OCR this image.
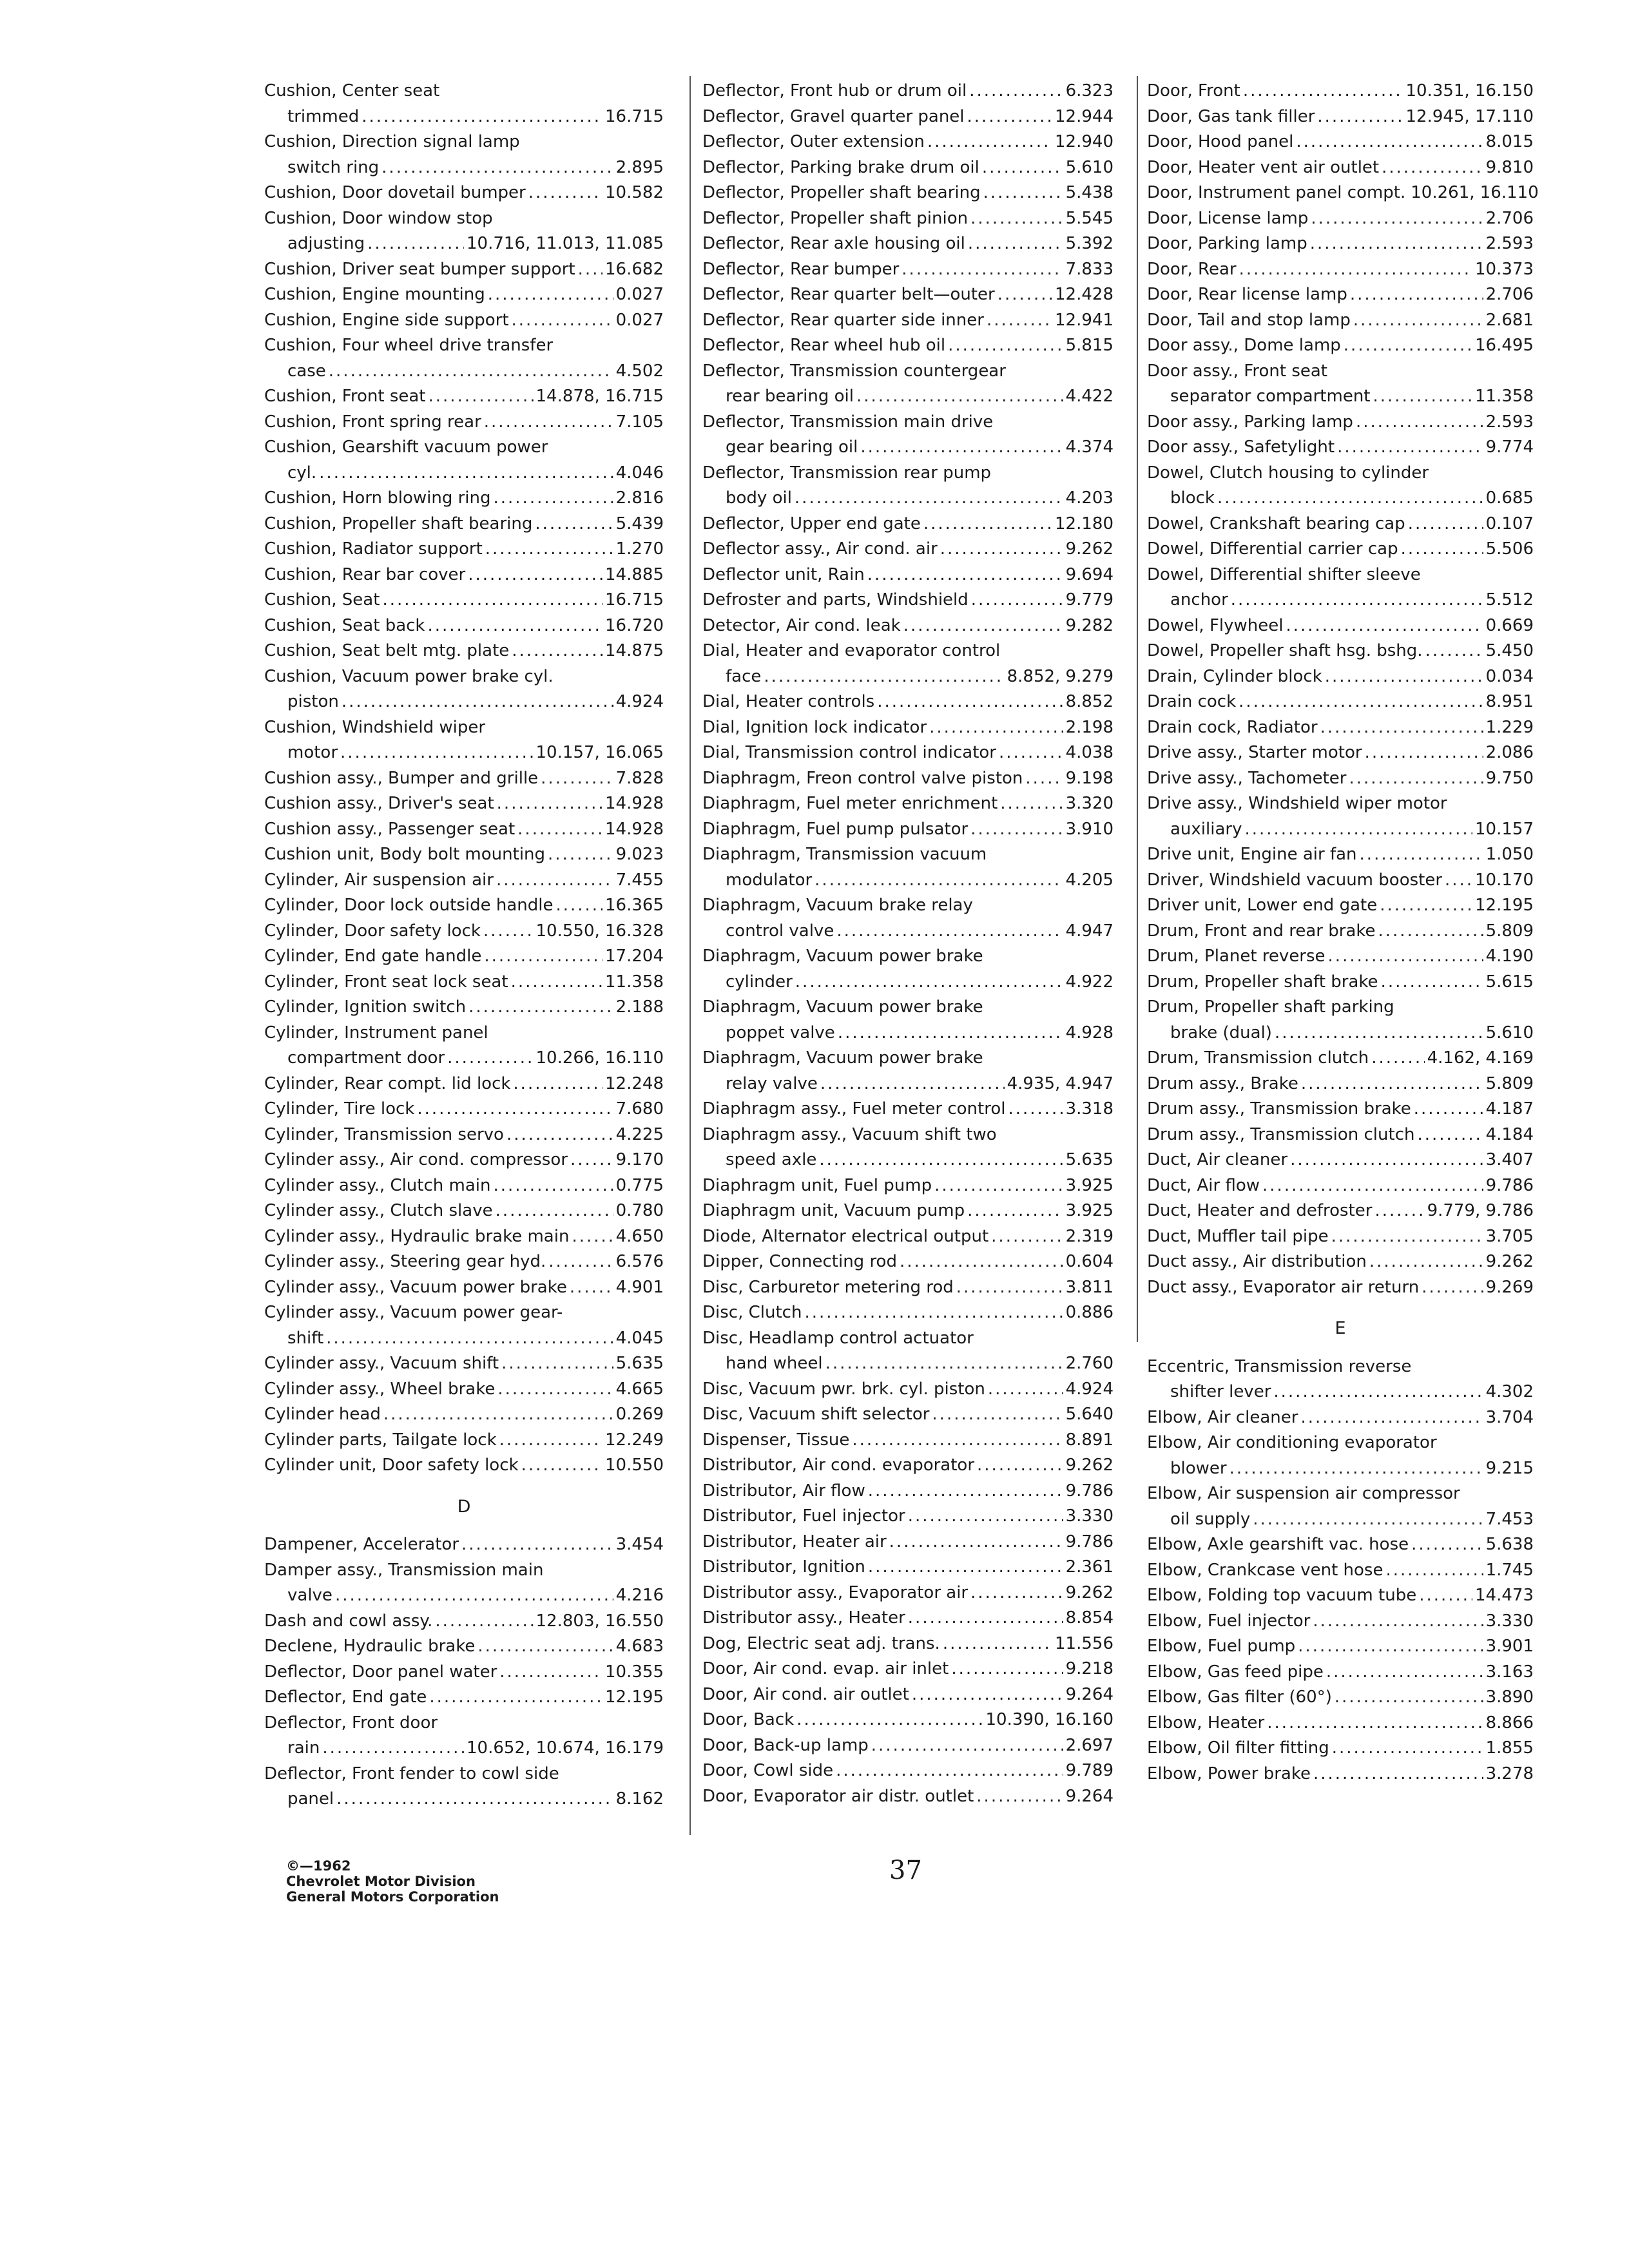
Cushion, Center seat
trimmed .....	16.715
Cushion, Direction signal lamp
switch ring .....	2.895
Cushion, Door dovetail bumper .....	10.582
Cushion, Door window stop
adjusting .....	10.716, 11.013, 11.085
Cushion, Driver seat bumper support ..... 16.682
Cushion, Engine mounting .....	0.027
Cushion, Engine side support .....	0.027
Cushion, Four wheel drive transfer
case .....	4.502
Cushion, Front seat .....	14.878, 16.715
Cushion, Front spring rear .....	7.105
Cushion, Gearshift vacuum power
cyl. .....	4.046
Cushion, Horn blowing ring .....	2.816
Cushion, Propeller shaft bearing .....	5.439
Cushion, Radiator support .....	1.270
Cushion, Rear bar cover .....	14.885
Cushion, Seat .....	16.715
Cushion, Seat back .....	16.720
Cushion, Seat belt mtg. plate .....	14.875
Cushion, Vacuum power brake cyl.
piston .....	4.924
Cushion, Windshield wiper
motor .....	10.157, 16.065
Cushion assy., Bumper and grille .....	7.828
Cushion assy., Driver's seat .....	14.928
Cushion assy., Passenger seat .....	14.928
Cushion unit, Body bolt mounting .....	9.023
Cylinder, Air suspension air .....	7.455
Cylinder, Door lock outside handle .....	16.365
Cylinder, Door safety lock .....	10.550, 16.328
Cylinder, End gate handle .....	17.204
Cylinder, Front seat lock seat .....	11.358
Cylinder, Ignition switch .....	2.188
Cylinder, Instrument panel
compartment door .....	10.266, 16.110
Cylinder, Rear compt. lid lock .....	12.248
Cylinder, Tire lock .....	7.680
Cylinder, Transmission servo .....	4.225
Cylinder assy., Air cond. compressor .....	9.170
Cylinder assy., Clutch main .....	0.775
Cylinder assy., Clutch slave .....	0.780
Cylinder assy., Hydraulic brake main .....	4.650
Cylinder assy., Steering gear hyd. .....	6.576
Cylinder assy., Vacuum power brake .....	4.901
Cylinder assy., Vacuum power gear-
shift .....	4.045
Cylinder assy., Vacuum shift .....	5.635
Cylinder assy., Wheel brake .....	4.665
Cylinder head .....	0.269
Cylinder parts, Tailgate lock .....	12.249
Cylinder unit, Door safety lock .....	10.550
D
Dampener, Accelerator .....	3.454
Damper assy., Transmission main
valve .....	4.216
Dash and cowl assy. .....	12.803, 16.550
Declene, Hydraulic brake .....	4.683
Deflector, Door panel water .....	10.355
Deflector, End gate .....	12.195
Deflector, Front door
rain .....	10.652, 10.674, 16.179
Deflector, Front fender to cowl side
panel .....	8.162
Deflector, Front hub or drum oil .....	6.323
Deflector, Gravel quarter panel .....	12.944
Deflector, Outer extension .....	12.940
Deflector, Parking brake drum oil .....	5.610
Deflector, Propeller shaft bearing .....	5.438
Deflector, Propeller shaft pinion .....	5.545
Deflector, Rear axle housing oil .....	5.392
Deflector, Rear bumper .....	7.833
Deflector, Rear quarter belt—outer .....	12.428
Deflector, Rear quarter side inner .....	12.941
Deflector, Rear wheel hub oil .....	5.815
Deflector, Transmission countergear
rear bearing oil .....	4.422
Deflector, Transmission main drive
gear bearing oil .....	4.374
Deflector, Transmission rear pump
body oil .....	4.203
Deflector, Upper end gate .....	12.180
Deflector assy., Air cond. air .....	9.262
Deflector unit, Rain .....	9.694
Defroster and parts, Windshield .....	9.779
Detector, Air cond. leak .....	9.282
Dial, Heater and evaporator control
face .....	8.852, 9.279
Dial, Heater controls .....	8.852
Dial, Ignition lock indicator .....	2.198
Dial, Transmission control indicator .....	4.038
Diaphragm, Freon control valve piston .....	9.198
Diaphragm, Fuel meter enrichment .....	3.320
Diaphragm, Fuel pump pulsator .....	3.910
Diaphragm, Transmission vacuum
modulator .....	4.205
Diaphragm, Vacuum brake relay
control valve .....	4.947
Diaphragm, Vacuum power brake
cylinder .....	4.922
Diaphragm, Vacuum power brake
poppet valve .....	4.928
Diaphragm, Vacuum power brake
relay valve .....	4.935, 4.947
Diaphragm assy., Fuel meter control .....	3.318
Diaphragm assy., Vacuum shift two
speed axle .....	5.635
Diaphragm unit, Fuel pump .....	3.925
Diaphragm unit, Vacuum pump .....	3.925
Diode, Alternator electrical output .....	2.319
Dipper, Connecting rod .....	0.604
Disc, Carburetor metering rod .....	3.811
Disc, Clutch .....	0.886
Disc, Headlamp control actuator
hand wheel .....	2.760
Disc, Vacuum pwr. brk. cyl. piston .....	4.924
Disc, Vacuum shift selector .....	5.640
Dispenser, Tissue .....	8.891
Distributor, Air cond. evaporator .....	9.262
Distributor, Air flow .....	9.786
Distributor, Fuel injector .....	3.330
Distributor, Heater air .....	9.786
Distributor, Ignition .....	2.361
Distributor assy., Evaporator air .....	9.262
Distributor assy., Heater .....	8.854
Dog, Electric seat adj. trans. .....	11.556
Door, Air cond. evap. air inlet .....	9.218
Door, Air cond. air outlet .....	9.264
Door, Back .....	10.390, 16.160
Door, Back-up lamp .....	2.697
Door, Cowl side .....	9.789
Door, Evaporator air distr. outlet .....	9.264
Door, Front .....	10.351, 16.150
Door, Gas tank filler .....	12.945, 17.110
Door, Hood panel .....	8.015
Door, Heater vent air outlet .....	9.810
Door, Instrument panel compt. 10.261, 16.110
Door, License lamp .....	2.706
Door, Parking lamp .....	2.593
Door, Rear .....	10.373
Door, Rear license lamp .....	2.706
Door, Tail and stop lamp .....	2.681
Door assy., Dome lamp .....	16.495
Door assy., Front seat
separator compartment .....	11.358
Door assy., Parking lamp .....	2.593
Door assy., Safetylight .....	9.774
Dowel, Clutch housing to cylinder
block .....	0.685
Dowel, Crankshaft bearing cap .....	0.107
Dowel, Differential carrier cap .....	5.506
Dowel, Differential shifter sleeve
anchor .....	5.512
Dowel, Flywheel .....	0.669
Dowel, Propeller shaft hsg. bshg. .....	5.450
Drain, Cylinder block .....	0.034
Drain cock .....	8.951
Drain cock, Radiator .....	1.229
Drive assy., Starter motor .....	2.086
Drive assy., Tachometer .....	9.750
Drive assy., Windshield wiper motor
auxiliary .....	10.157
Drive unit, Engine air fan .....	1.050
Driver, Windshield vacuum booster ..... 10.170
Driver unit, Lower end gate .....	12.195
Drum, Front and rear brake .....	5.809
Drum, Planet reverse .....	4.190
Drum, Propeller shaft brake .....	5.615
Drum, Propeller shaft parking
brake (dual) .....	5.610
Drum, Transmission clutch .....	4.162, 4.169
Drum assy., Brake .....	5.809
Drum assy., Transmission brake .....	4.187
Drum assy., Transmission clutch .....	4.184
Duct, Air cleaner .....	3.407
Duct, Air flow .....	9.786
Duct, Heater and defroster .....	9.779, 9.786
Duct, Muffler tail pipe .....	3.705
Duct assy., Air distribution .....	9.262
Duct assy., Evaporator air return .....	9.269
E
Eccentric, Transmission reverse
shifter lever .....	4.302
Elbow, Air cleaner .....	3.704
Elbow, Air conditioning evaporator
blower .....	9.215
Elbow, Air suspension air compressor
oil supply .....	7.453
Elbow, Axle gearshift vac. hose .....	5.638
Elbow, Crankcase vent hose .....	1.745
Elbow, Folding top vacuum tube .....	14.473
Elbow, Fuel injector .....	3.330
Elbow, Fuel pump .....	3.901
Elbow, Gas feed pipe .....	3.163
Elbow, Gas filter (60°) .....	3.890
Elbow, Heater .....	8.866
Elbow, Oil filter fitting .....	1.855
Elbow, Power brake .....	3.278
©—1962
Chevrolet Motor Division
General Motors Corporation
37
